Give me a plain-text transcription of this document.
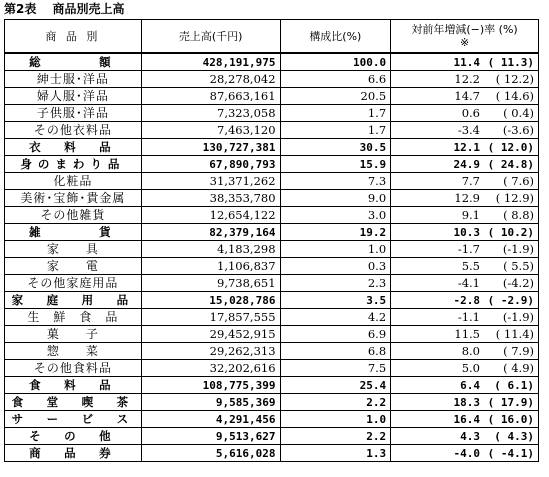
第2表　 商品別売上高
商 品 別	売上高(千円)	構成比(%)	対前年増減(−)率 (%)
※

総　　　額	428,191,975	100.0	11.4 ( 11.3)
紳士服･洋品	28,278,042	6.6	12.2 ( 12.2)
婦人服･洋品	87,663,161	20.5	14.7 ( 14.6)
子供服･洋品	7,323,058	1.7	0.6 ( 0.4)
その他衣料品	7,463,120	1.7	-3.4 (-3.6)
衣　料　品	130,727,381	30.5	12.1 ( 12.0)
身のまわり品	67,890,793	15.9	24.9 ( 24.8)
化粧品	31,371,262	7.3	7.7 ( 7.6)
美術･宝飾･貴金属	38,353,780	9.0	12.9 ( 12.9)
その他雑貨	12,654,122	3.0	9.1 ( 8.8)
雑　　　貨	82,379,164	19.2	10.3 ( 10.2)
家　　具	4,183,298	1.0	-1.7 (-1.9)
家　　電	1,106,837	0.3	5.5 ( 5.5)
その他家庭用品	9,738,651	2.3	-4.1 (-4.2)
家　庭　用　品	15,028,786	3.5	-2.8 ( -2.9)
生　鮮　食　品	17,857,555	4.2	-1.1 (-1.9)
菓　　子	29,452,915	6.9	11.5 ( 11.4)
惣　　菜	29,262,313	6.8	8.0 ( 7.9)
その他食料品	32,202,616	7.5	5.0 ( 4.9)
食　料　品	108,775,399	25.4	6.4 ( 6.1)
食　堂　喫　茶	9,585,369	2.2	18.3 ( 17.9)
サ　ー　ビ　ス	4,291,456	1.0	16.4 ( 16.0)
そ　の　他	9,513,627	2.2	4.3 ( 4.3)
商　品　券	5,616,028	1.3	-4.0 ( -4.1)
